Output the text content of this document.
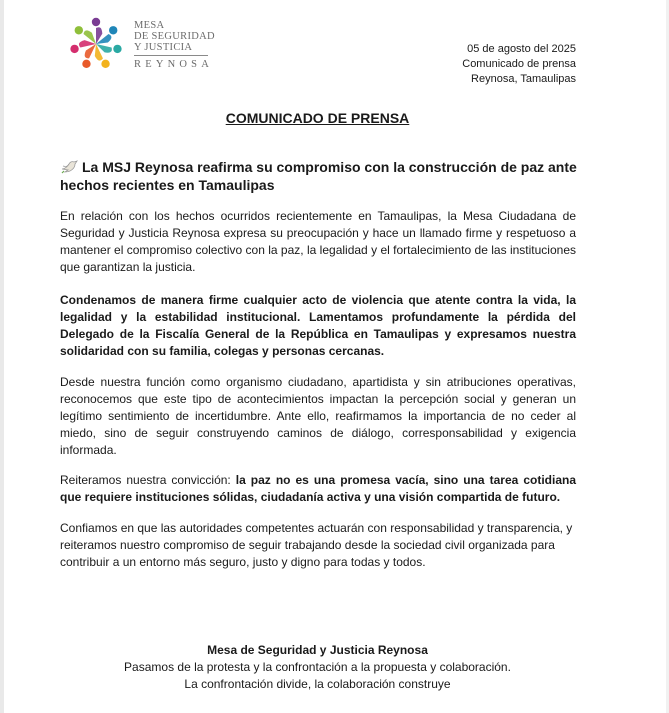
MESA
DE SEGURIDAD
Y JUSTICIA
REYNOSA
05 de agosto del 2025
Comunicado de prensa
Reynosa, Tamaulipas
COMUNICADO DE PRENSA
La MSJ Reynosa reafirma su compromiso con la construcción de paz ante hechos recientes en Tamaulipas

En relación con los hechos ocurridos recientemente en Tamaulipas, la Mesa Ciudadana de Seguridad y Justicia Reynosa expresa su preocupación y hace un llamado firme y respetuoso a mantener el compromiso colectivo con la paz, la legalidad y el fortalecimiento de las instituciones que garantizan la justicia.

Condenamos de manera firme cualquier acto de violencia que atente contra la vida, la legalidad y la estabilidad institucional. Lamentamos profundamente la pérdida del Delegado de la Fiscalía General de la República en Tamaulipas y expresamos nuestra solidaridad con su familia, colegas y personas cercanas.

Desde nuestra función como organismo ciudadano, apartidista y sin atribuciones operativas, reconocemos que este tipo de acontecimientos impactan la percepción social y generan un legítimo sentimiento de incertidumbre. Ante ello, reafirmamos la importancia de no ceder al miedo, sino de seguir construyendo caminos de diálogo, corresponsabilidad y exigencia informada.

Reiteramos nuestra convicción: la paz no es una promesa vacía, sino una tarea cotidiana que requiere instituciones sólidas, ciudadanía activa y una visión compartida de futuro.

Confiamos en que las autoridades competentes actuarán con responsabilidad y transparencia, y reiteramos nuestro compromiso de seguir trabajando desde la sociedad civil organizada para contribuir a un entorno más seguro, justo y digno para todas y todos.

Mesa de Seguridad y Justicia Reynosa
Pasamos de la protesta y la confrontación a la propuesta y colaboración.
La confrontación divide, la colaboración construye
